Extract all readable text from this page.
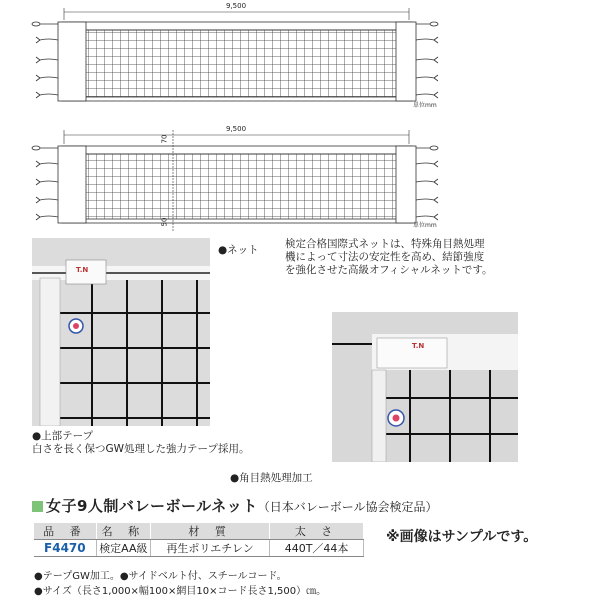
9,500
単位mm
9,500
70
50	単位mm
T.N
●ネット	検定合格国際式ネットは、特殊角目熱処理
機によって寸法の安定性を高め、結節強度
を強化させた高級オフィシャルネットです。
T.N
●上部テープ
白さを長く保つGW処理した強力テープ採用。
●角目熱処理加工
女子9人制バレーボールネット（日本バレーボール協会検定品）
品 番	名 称	材 質	太 さ
F4470	検定AA級	再生ポリエチレン	440T／44本
※画像はサンプルです。
●テープGW加工。●サイドベルト付、スチールコード。
●サイズ（長さ1,000×幅100×網目10×コード長さ1,500）㎝。
